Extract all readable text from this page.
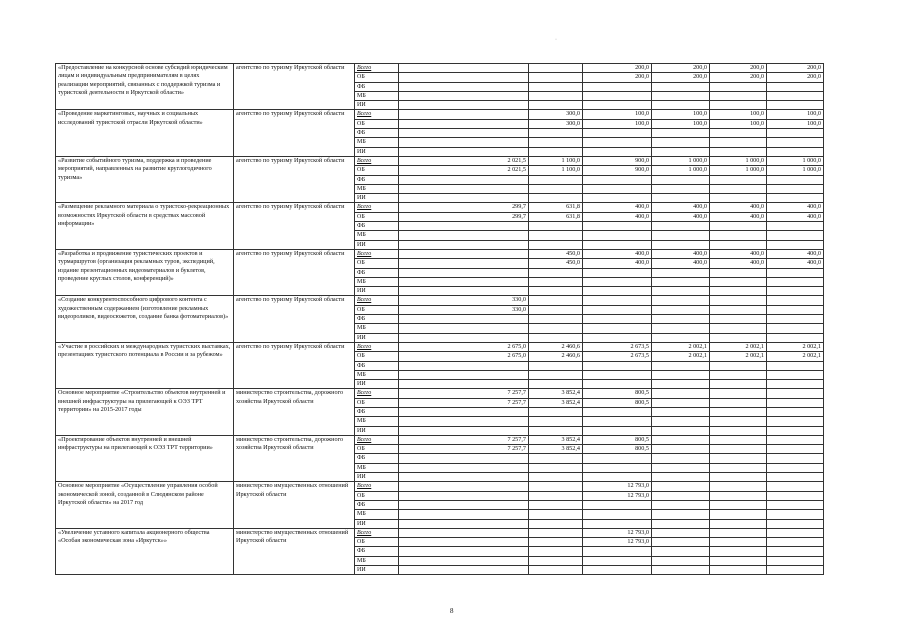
·
«Предоставление на конкурсной основе субсидий юридическим лицам и индивидуальным предпринимателям в целях реализации мероприятий, связанных с поддержкой туризма и туристской деятельности в Иркутской области»	агентство по туризму Иркутской области	Всего			200,0	200,0	200,0	200,0
		ОБ			200,0	200,0	200,0	200,0
		ФБ						
		МБ						
		ИИ						
«Проведение маркетинговых, научных и социальных исследований туристской отрасли Иркутской области»	агентство по туризму Иркутской области	Всего		300,0	100,0	100,0	100,0	100,0
		ОБ		300,0	100,0	100,0	100,0	100,0
		ФБ						
		МБ						
		ИИ						
«Развитие событийного туризма, поддержка и проведение мероприятий, направленных на развитие круглогодичного туризма»	агентство по туризму Иркутской области	Всего	2 021,5	1 100,0	900,0	1 000,0	1 000,0	1 000,0
		ОБ	2 021,5	1 100,0	900,0	1 000,0	1 000,0	1 000,0
		ФБ						
		МБ						
		ИИ						
«Размещение рекламного материала о туристско-рекреационных возможностях Иркутской области в средствах массовой информации»	агентство по туризму Иркутской области	Всего	299,7	631,8	400,0	400,0	400,0	400,0
		ОБ	299,7	631,8	400,0	400,0	400,0	400,0
		ФБ						
		МБ						
		ИИ						
«Разработка и продвижение туристических проектов и турмаршрутов (организация рекламных туров, экспедиций, издание презентационных видеоматериалов и буклетов, проведение круглых столов, конференций)»	агентство по туризму Иркутской области	Всего		450,0	400,0	400,0	400,0	400,0
		ОБ		450,0	400,0	400,0	400,0	400,0
		ФБ						
		МБ						
		ИИ						
«Создание конкурентоспособного цифрового контента с художественным содержанием (изготовление рекламных видеороликов, видеосюжетов, создание банка фотоматериалов)»	агентство по туризму Иркутской области	Всего	330,0					
		ОБ	330,0					
		ФБ						
		МБ						
		ИИ						
«Участие в российских и международных туристских выставках, презентациях туристского потенциала в России и за рубежом»	агентство по туризму Иркутской области	Всего	2 675,0	2 460,6	2 673,5	2 002,1	2 002,1	2 002,1
		ОБ	2 675,0	2 460,6	2 673,5	2 002,1	2 002,1	2 002,1
		ФБ						
		МБ						
		ИИ						
Основное мероприятие «Строительство объектов внутренней и внешней инфраструктуры на прилегающей к ОЭЗ ТРТ территории» на 2015-2017 годы	министерство строительства, дорожного хозяйства Иркутской области	Всего	7 257,7	3 852,4	800,5			
		ОБ	7 257,7	3 852,4	800,5			
		ФБ						
		МБ						
		ИИ						
«Проектирование объектов внутренней и внешней инфраструктуры на прилегающей к ОЭЗ ТРТ территории»	министерство строительства, дорожного хозяйства Иркутской области	Всего	7 257,7	3 852,4	800,5			
		ОБ	7 257,7	3 852,4	800,5			
		ФБ						
		МБ						
		ИИ						
Основное мероприятие «Осуществление управления особой экономической зоной, созданной в Слюдянском районе Иркутской области» на 2017 год	министерство имущественных отношений Иркутской области	Всего			12 793,0			
		ОБ			12 793,0			
		ФБ						
		МБ						
		ИИ						
«Увеличение уставного капитала акционерного общества «Особая экономическая зона «Иркутск»»	министерство имущественных отношений Иркутской области	Всего			12 793,0			
		ОБ			12 793,0			
		ФБ						
		МБ						
		ИИ						
8
